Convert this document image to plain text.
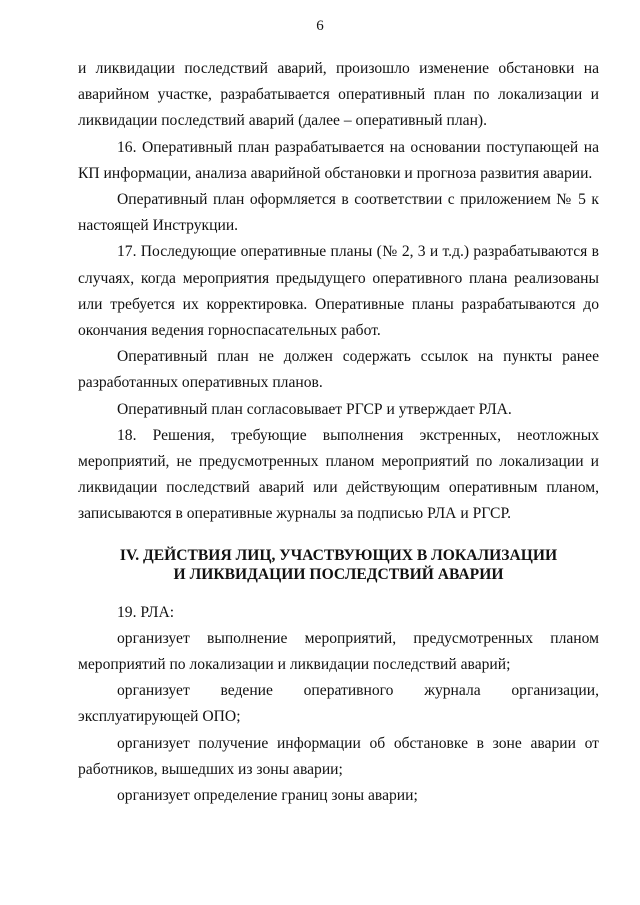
6

и ликвидации последствий аварий, произошло изменение обстановки на аварийном участке, разрабатывается оперативный план по локализации и ликвидации последствий аварий (далее – оперативный план).

16. Оперативный план разрабатывается на основании поступающей на КП информации, анализа аварийной обстановки и прогноза развития аварии.

Оперативный план оформляется в соответствии с приложением № 5 к настоящей Инструкции.

17. Последующие оперативные планы (№ 2, 3 и т.д.) разрабатываются в случаях, когда мероприятия предыдущего оперативного плана реализованы или требуется их корректировка. Оперативные планы разрабатываются до окончания ведения горноспасательных работ.

Оперативный план не должен содержать ссылок на пункты ранее разработанных оперативных планов.

Оперативный план согласовывает РГСР и утверждает РЛА.

18. Решения, требующие выполнения экстренных, неотложных мероприятий, не предусмотренных планом мероприятий по локализации и ликвидации последствий аварий или действующим оперативным планом, записываются в оперативные журналы за подписью РЛА и РГСР.

IV. ДЕЙСТВИЯ ЛИЦ, УЧАСТВУЮЩИХ В ЛОКАЛИЗАЦИИ
И ЛИКВИДАЦИИ ПОСЛЕДСТВИЙ АВАРИИ

19. РЛА:

организует выполнение мероприятий, предусмотренных планом мероприятий по локализации и ликвидации последствий аварий;

организует ведение оперативного журнала организации, эксплуатирующей ОПО;

организует получение информации об обстановке в зоне аварии от работников, вышедших из зоны аварии;

организует определение границ зоны аварии;
